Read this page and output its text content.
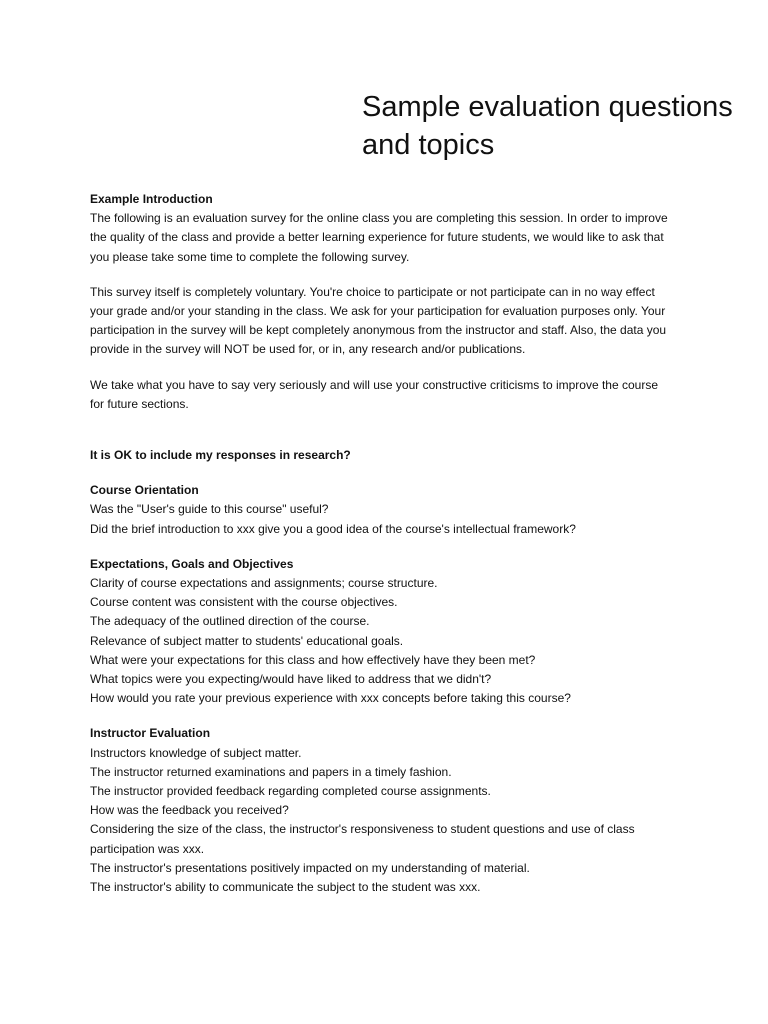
Sample evaluation questions and topics

Example Introduction

The following is an evaluation survey for the online class you are completing this session. In order to improve the quality of the class and provide a better learning experience for future students, we would like to ask that you please take some time to complete the following survey.

This survey itself is completely voluntary. You're choice to participate or not participate can in no way effect your grade and/or your standing in the class. We ask for your participation for evaluation purposes only. Your participation in the survey will be kept completely anonymous from the instructor and staff. Also, the data you provide in the survey will NOT be used for, or in, any research and/or publications.

We take what you have to say very seriously and will use your constructive criticisms to improve the course for future sections.

It is OK to include my responses in research?

Course Orientation

Was the "User's guide to this course" useful?

Did the brief introduction to xxx give you a good idea of the course's intellectual framework?

Expectations, Goals and Objectives

Clarity of course expectations and assignments; course structure.

Course content was consistent with the course objectives.

The adequacy of the outlined direction of the course.

Relevance of subject matter to students' educational goals.

What were your expectations for this class and how effectively have they been met?

What topics were you expecting/would have liked to address that we didn't?

How would you rate your previous experience with xxx concepts before taking this course?

Instructor Evaluation

Instructors knowledge of subject matter.

The instructor returned examinations and papers in a timely fashion.

The instructor provided feedback regarding completed course assignments.

How was the feedback you received?

Considering the size of the class, the instructor's responsiveness to student questions and use of class participation was xxx.

The instructor's presentations positively impacted on my understanding of material.

The instructor's ability to communicate the subject to the student was xxx.
